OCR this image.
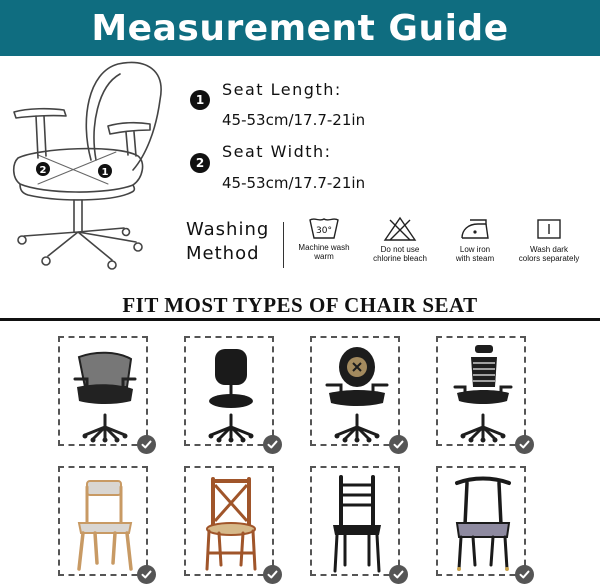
Measurement Guide
2	1
1
Seat Length:
45-53cm/17.7-21in
2
Seat Width:
45-53cm/17.7-21in
Washing
Method
30°
Machine wash
warm
Do not use
chlorine bleach
Low iron
with steam
Wash dark
colors separately
FIT MOST TYPES OF CHAIR SEAT
